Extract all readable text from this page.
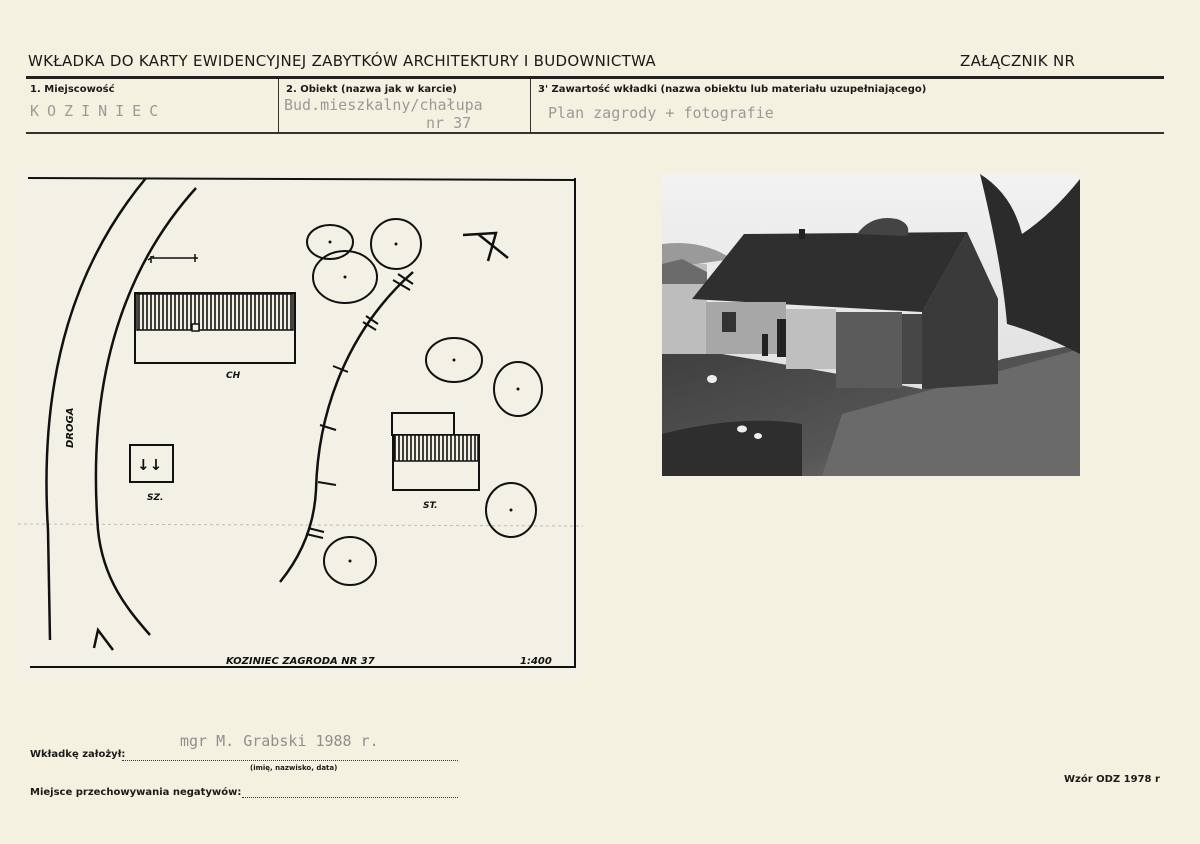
WKŁADKA DO KARTY EWIDENCYJNEJ ZABYTKÓW ARCHITEKTURY I BUDOWNICTWA	ZAŁĄCZNIK NR
1. Miejscowość
KOZINIEC
2. Obiekt (nazwa jak w karcie)
Bud.mieszkalny/chałupa
nr 37
3' Zawartość wkładki (nazwa obiektu lub materiału uzupełniającego)
Plan zagrody + fotografie
DROGA
CH
↓↓
SZ.
ST.
KOZINIEC ZAGRODA NR 37	1:400
Wkładkę założył:
mgr M. Grabski 1988 r.
(imię, nazwisko, data)
Miejsce przechowywania negatywów:
Wzór ODZ 1978 r
